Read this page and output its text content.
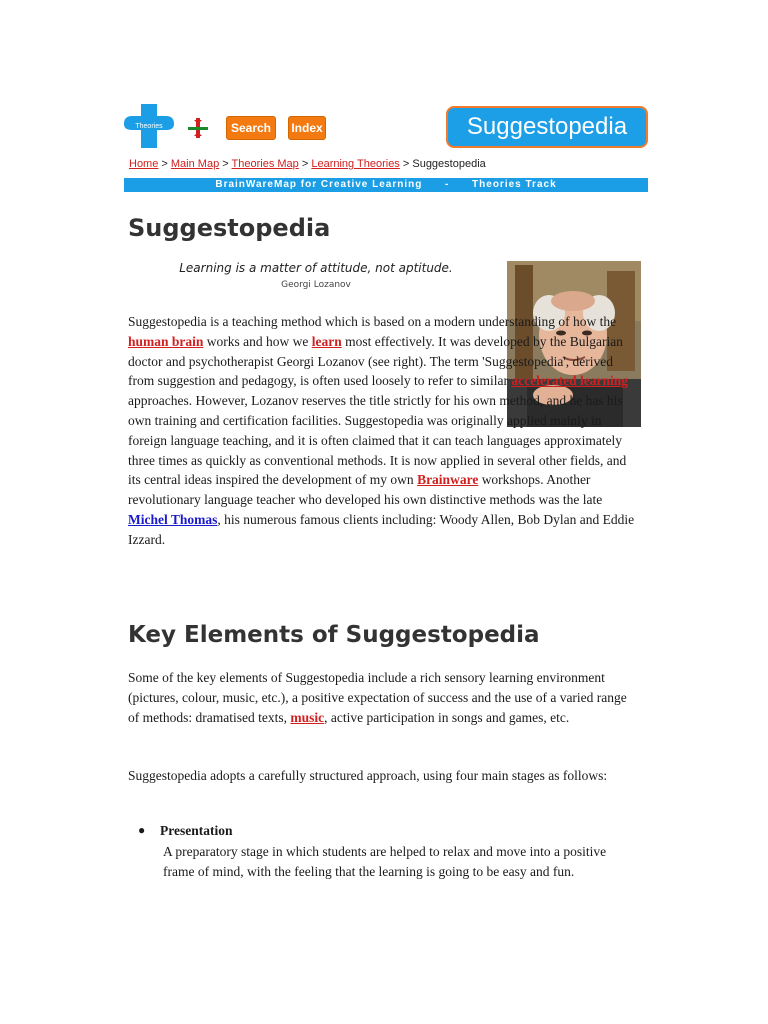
Theories	Search	Index	Suggestopedia
Home > Main Map > Theories Map > Learning Theories > Suggestopedia
BrainWareMap for Creative Learning - Theories Track
Suggestopedia
Learning is a matter of attitude, not aptitude.
Georgi Lozanov

Suggestopedia is a teaching method which is based on a modern understanding of how the human brain works and how we learn most effectively. It was developed by the Bulgarian doctor and psychotherapist Georgi Lozanov (see right). The term 'Suggestopedia', derived from suggestion and pedagogy, is often used loosely to refer to similar accelerated learning approaches. However, Lozanov reserves the title strictly for his own method, and he has his own training and certification facilities. Suggestopedia was originally applied mainly in foreign language teaching, and it is often claimed that it can teach languages approximately three times as quickly as conventional methods. It is now applied in several other fields, and its central ideas inspired the development of my own Brainware workshops. Another revolutionary language teacher who developed his own distinctive methods was the late Michel Thomas, his numerous famous clients including: Woody Allen, Bob Dylan and Eddie Izzard.

Key Elements of Suggestopedia

Some of the key elements of Suggestopedia include a rich sensory learning environment (pictures, colour, music, etc.), a positive expectation of success and the use of a varied range of methods: dramatised texts, music, active participation in songs and games, etc.

Suggestopedia adopts a carefully structured approach, using four main stages as follows:

● Presentation
A preparatory stage in which students are helped to relax and move into a positive frame of mind, with the feeling that the learning is going to be easy and fun.
